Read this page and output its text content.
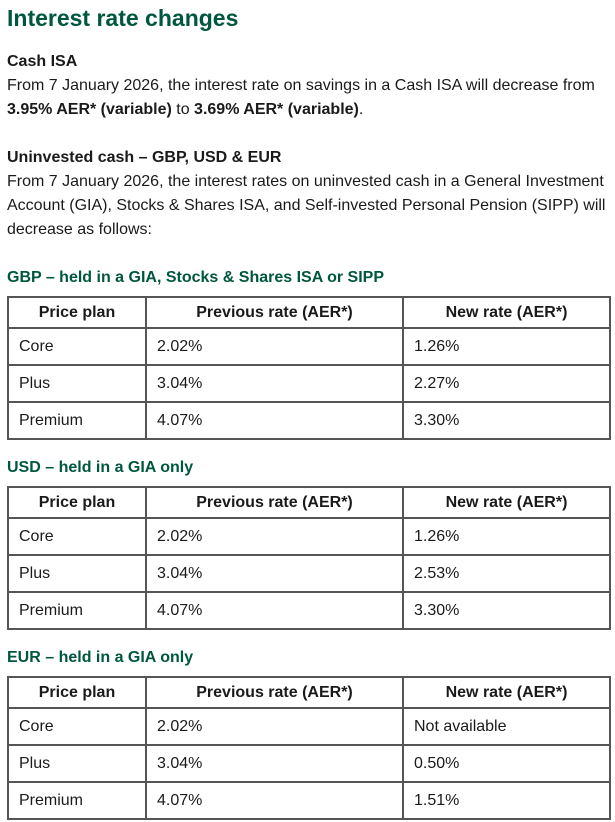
Interest rate changes
Cash ISA
From 7 January 2026, the interest rate on savings in a Cash ISA will decrease from 3.95% AER* (variable) to 3.69% AER* (variable).
Uninvested cash – GBP, USD & EUR
From 7 January 2026, the interest rates on uninvested cash in a General Investment Account (GIA), Stocks & Shares ISA, and Self-invested Personal Pension (SIPP) will decrease as follows:
GBP – held in a GIA, Stocks & Shares ISA or SIPP
Price plan	Previous rate (AER*)	New rate (AER*)
Core	2.02%	1.26%
Plus	3.04%	2.27%
Premium	4.07%	3.30%
USD – held in a GIA only
Price plan	Previous rate (AER*)	New rate (AER*)
Core	2.02%	1.26%
Plus	3.04%	2.53%
Premium	4.07%	3.30%
EUR – held in a GIA only
Price plan	Previous rate (AER*)	New rate (AER*)
Core	2.02%	Not available
Plus	3.04%	0.50%
Premium	4.07%	1.51%
